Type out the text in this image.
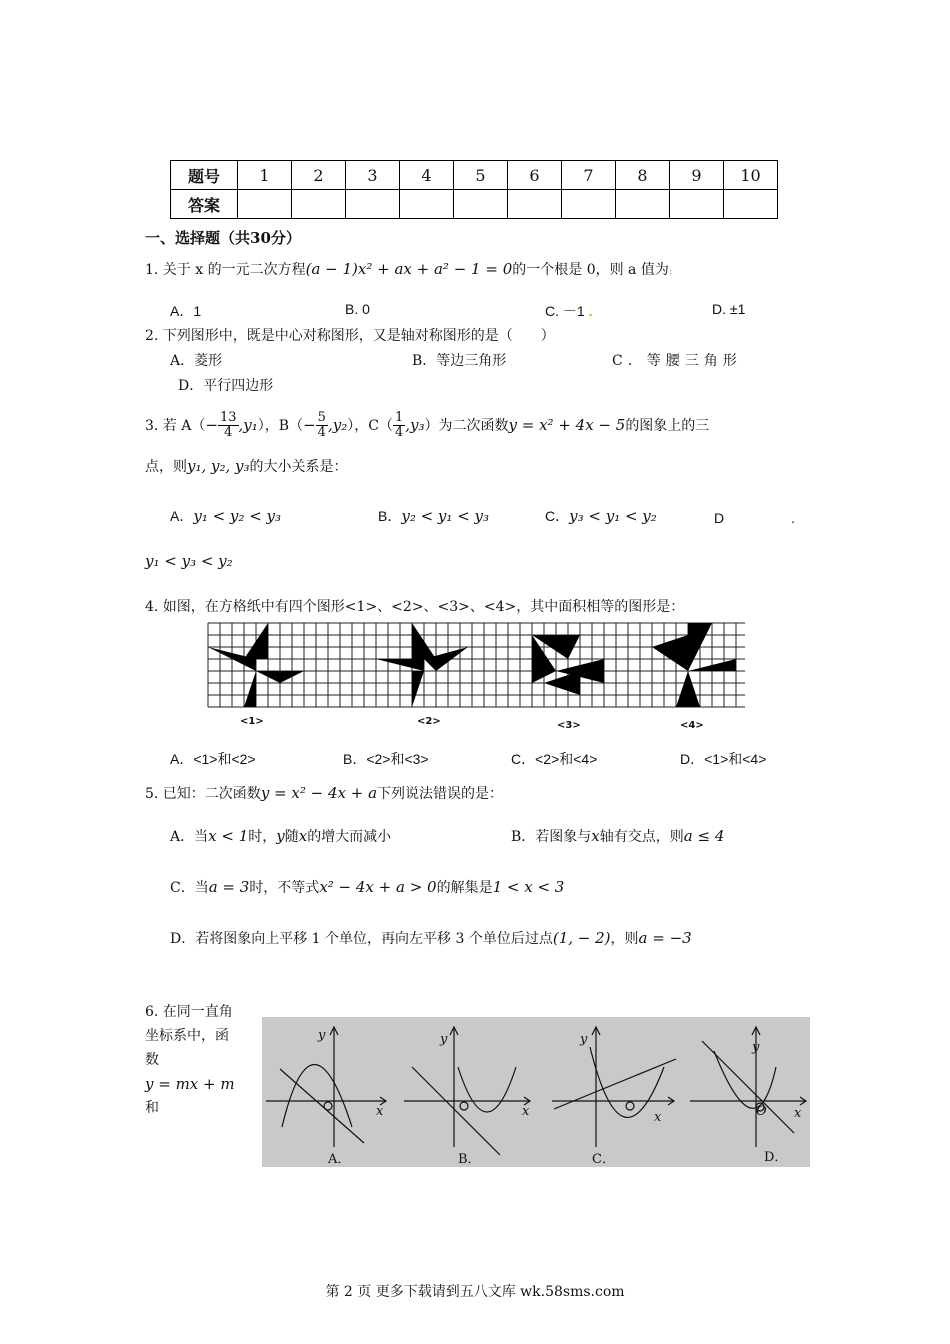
题号	1	2	3	4	5	6	7	8	9	10
答案										
一、选择题（共30分）
1. 关于 x 的一元二次方程(a − 1)x² + ax + a² − 1 = 0的一个根是 0，则 a 值为:
A．1	B. 0	C. －1 .	D. ±1
2. 下列图形中，既是中心对称图形，又是轴对称图形的是（　　）
A．菱形	B．等边三角形	C．等腰三角形
D．平行四边形
3. 若 $A( - \frac{13}{4}$ , y₁ ），$B( - \frac{5}{4}$ , y₂ ），$C( \frac{1}{4}$ , y₃ ）为二次函数 y = x² + 4x − 5 的图象上的三
点，则y₁, y₂, y₃的大小关系是：
A．y₁ < y₂ < y₃	B．y₂ < y₁ < y₃	C．y₃ < y₁ < y₂	D	.
y₁ < y₃ < y₂
4. 如图，在方格纸中有四个图形<1>、<2>、<3>、<4>，其中面积相等的图形是：
<1>	<2>	<3>	<4>
A．<1>和<2>	B．<2>和<3>	C．<2>和<4>	D．<1>和<4>
5. 已知：二次函数y = x² − 4x + a下列说法错误的是：
A．当x < 1时，y随x的增大而减小	B．若图象与x轴有交点，则a ≤ 4
C．当a = 3时，不等式x² − 4x + a > 0的解集是1 < x < 3
D．若将图象向上平移 1 个单位，再向左平移 3 个单位后过点(1, − 2)，则a = −3
6. 在同一直角
坐标系中，函
数
y = mx + m
和
y
x
y
x
y
x
y
x
O
A．	B．	C．	D．
第 2 页 更多下载请到五八文库 wk.58sms.com
